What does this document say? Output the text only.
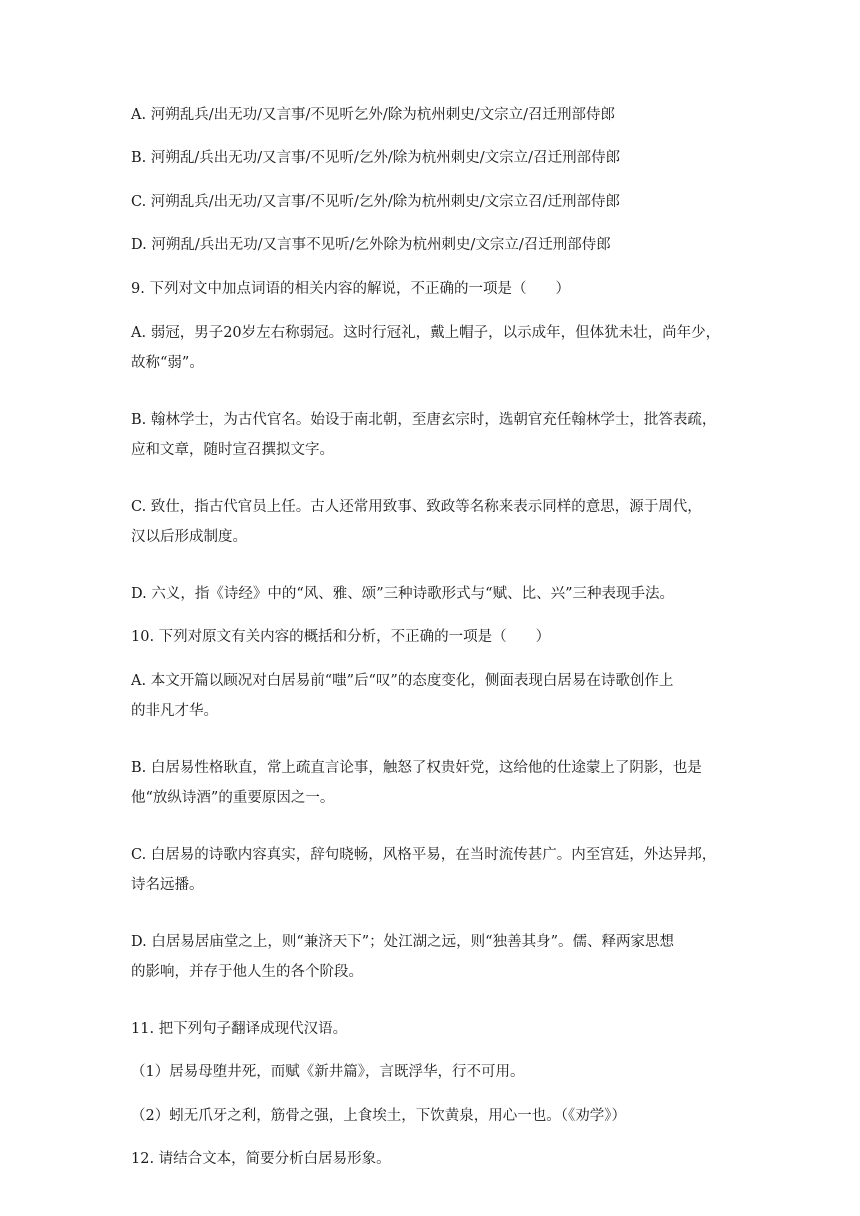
A. 河朔乱兵/出无功/又言事/不见听乞外/除为杭州刺史/文宗立/召迁刑部侍郎

B. 河朔乱/兵出无功/又言事/不见听/乞外/除为杭州刺史/文宗立/召迁刑部侍郎

C. 河朔乱兵/出无功/又言事/不见听/乞外/除为杭州刺史/文宗立召/迁刑部侍郎

D. 河朔乱/兵出无功/又言事不见听/乞外除为杭州刺史/文宗立/召迁刑部侍郎

9. 下列对文中加点词语的相关内容的解说，不正确的一项是（　　）

A. 弱冠，男子20岁左右称弱冠。这时行冠礼，戴上帽子，以示成年，但体犹未壮，尚年少，
故称“弱”。

B. 翰林学士，为古代官名。始设于南北朝，至唐玄宗时，选朝官充任翰林学士，批答表疏，
应和文章，随时宣召撰拟文字。

C. 致仕，指古代官员上任。古人还常用致事、致政等名称来表示同样的意思，源于周代，
汉以后形成制度。

D. 六义，指《诗经》中的“风、雅、颂”三种诗歌形式与“赋、比、兴”三种表现手法。

10. 下列对原文有关内容的概括和分析，不正确的一项是（　　）

A. 本文开篇以顾况对白居易前“嗤”后“叹”的态度变化，侧面表现白居易在诗歌创作上
的非凡才华。

B. 白居易性格耿直，常上疏直言论事，触怒了权贵奸党，这给他的仕途蒙上了阴影，也是
他“放纵诗酒”的重要原因之一。

C. 白居易的诗歌内容真实，辞句晓畅，风格平易，在当时流传甚广。内至宫廷，外达异邦，
诗名远播。

D. 白居易居庙堂之上，则“兼济天下”；处江湖之远，则“独善其身”。儒、释两家思想
的影响，并存于他人生的各个阶段。

11. 把下列句子翻译成现代汉语。

（1）居易母堕井死，而赋《新井篇》，言既浮华，行不可用。

（2）蚓无爪牙之利，筋骨之强，上食埃土，下饮黄泉，用心一也。（《劝学》）

12. 请结合文本，简要分析白居易形象。
